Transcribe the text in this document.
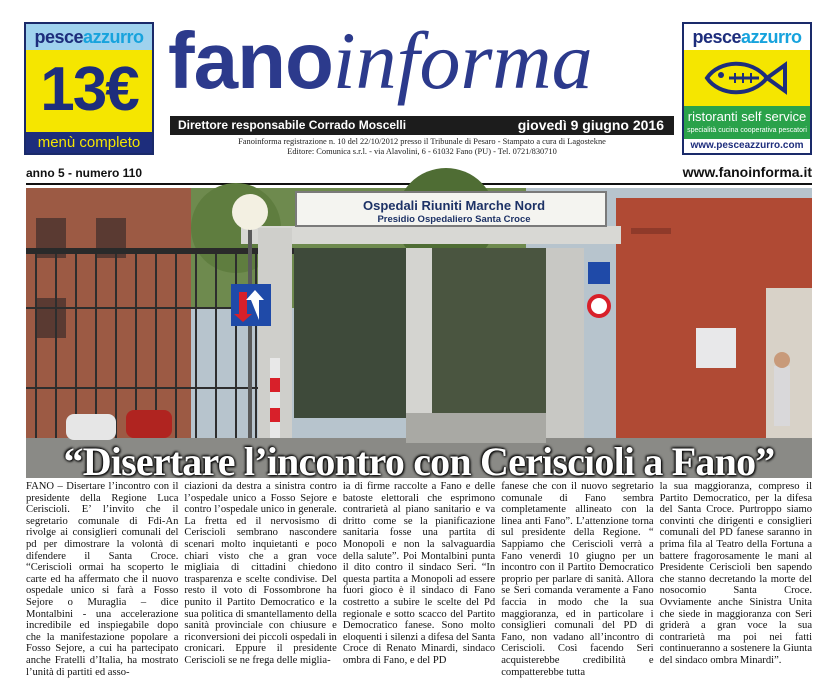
pesceazzurro
13€
menù completo
fanoinforma
Direttore responsabile Corrado Moscelli	giovedì 9 giugno 2016
Fanoinforma registrazione n. 10 del 22/10/2012 presso il Tribunale di Pesaro - Stampato a cura di Lagostekne
Editore: Comunica s.r.l. - via Alavolini, 6 - 61032 Fano (PU) - Tel. 0721/830710
pesceazzurro
ristoranti self service
specialità cucina cooperativa pescatori
www.pesceazzurro.com
anno 5 - numero 110	www.fanoinforma.it
Ospedali Riuniti Marche Nord
Presidio Ospedaliero Santa Croce
“Disertare l’incontro con Ceriscioli a Fano”
FANO – Disertare l’incontro con il presidente della Regione Luca Ceriscioli. E’ l’invito che il segretario comunale di Fdi-An rivolge ai consiglieri comunali del pd per dimostrare la volontà di difendere il Santa Croce. “Ceriscioli ormai ha scoperto le carte ed ha affermato che il nuovo ospedale unico si farà a Fosso Sejore o Muraglia – dice Montalbini - una accelerazione incredibile ed inspiegabile dopo che la manifestazione popolare a Fosso Sejore, a cui ha partecipato anche Fratelli d’Italia, ha mostrato l’unità di partiti ed asso-
ciazioni da destra a sinistra contro l’ospedale unico a Fosso Sejore e contro l’ospedale unico in generale. La fretta ed il nervosismo di Ceriscioli sembrano nascondere scenari molto inquietanti e poco chiari visto che a gran voce migliaia di cittadini chiedono trasparenza e scelte condivise. Del resto il voto di Fossombrone ha punito il Partito Democratico e la sua politica di smantellamento della sanità provinciale con chiusure e riconversioni dei piccoli ospedali in cronicari. Eppure il presidente Ceriscioli se ne frega delle miglia-
ia di firme raccolte a Fano e delle batoste elettorali che esprimono contrarietà al piano sanitario e va dritto come se la pianificazione sanitaria fosse una partita di Monopoli e non la salvaguardia della salute”. Poi Montalbini punta il dito contro il sindaco Seri. “In questa partita a Monopoli ad essere fuori gioco è il sindaco di Fano costretto a subire le scelte del Pd regionale e sotto scacco del Partito Democratico fanese. Sono molto eloquenti i silenzi a difesa del Santa Croce di Renato Minardi, sindaco ombra di Fano, e del PD
fanese che con il nuovo segretario comunale di Fano sembra completamente allineato con la linea anti Fano”. L’attenzione torna sul presidente della Regione. “ Sappiamo che Ceriscioli verrà a Fano venerdì 10 giugno per un incontro con il Partito Democratico proprio per parlare di sanità. Allora se Seri comanda veramente a Fano faccia in modo che la sua maggioranza, ed in particolare i consiglieri comunali del PD di Fano, non vadano all’incontro di Ceriscioli. Così facendo Seri acquisterebbe credibilità e compatterebbe tutta
la sua maggioranza, compreso il Partito Democratico, per la difesa del Santa Croce. Purtroppo siamo convinti che dirigenti e consiglieri comunali del PD fanese saranno in prima fila al Teatro della Fortuna a battere fragorosamente le mani al Presidente Ceriscioli ben sapendo che stanno decretando la morte del nosocomio Santa Croce. Ovviamente anche Sinistra Unita che siede in maggioranza con Seri griderà a gran voce la sua contrarietà ma poi nei fatti continueranno a sostenere la Giunta del sindaco ombra Minardi”.
